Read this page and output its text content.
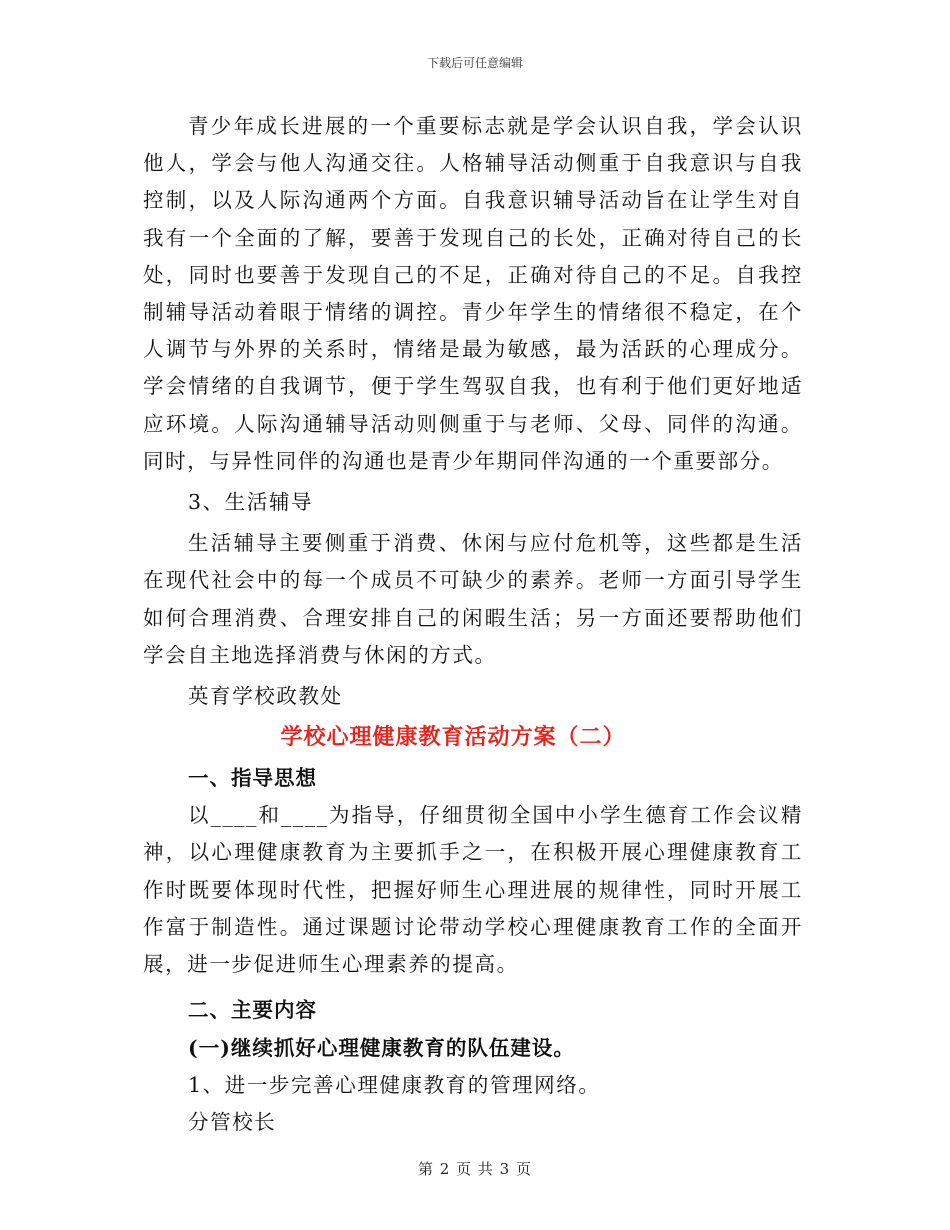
下载后可任意编辑

青少年成长进展的一个重要标志就是学会认识自我，学会认识他人，学会与他人沟通交往。人格辅导活动侧重于自我意识与自我控制，以及人际沟通两个方面。自我意识辅导活动旨在让学生对自我有一个全面的了解，要善于发现自己的长处，正确对待自己的长处，同时也要善于发现自己的不足，正确对待自己的不足。自我控制辅导活动着眼于情绪的调控。青少年学生的情绪很不稳定，在个人调节与外界的关系时，情绪是最为敏感，最为活跃的心理成分。学会情绪的自我调节，便于学生驾驭自我，也有利于他们更好地适应环境。人际沟通辅导活动则侧重于与老师、父母、同伴的沟通。同时，与异性同伴的沟通也是青少年期同伴沟通的一个重要部分。

3、生活辅导

生活辅导主要侧重于消费、休闲与应付危机等，这些都是生活在现代社会中的每一个成员不可缺少的素养。老师一方面引导学生如何合理消费、合理安排自己的闲暇生活；另一方面还要帮助他们学会自主地选择消费与休闲的方式。

英育学校政教处

学校心理健康教育活动方案（二）

一、指导思想

以____和____为指导，仔细贯彻全国中小学生德育工作会议精神，以心理健康教育为主要抓手之一，在积极开展心理健康教育工作时既要体现时代性，把握好师生心理进展的规律性，同时开展工作富于制造性。通过课题讨论带动学校心理健康教育工作的全面开展，进一步促进师生心理素养的提高。

二、主要内容

(一)继续抓好心理健康教育的队伍建设。

1、进一步完善心理健康教育的管理网络。

分管校长

第 2 页 共 3 页
